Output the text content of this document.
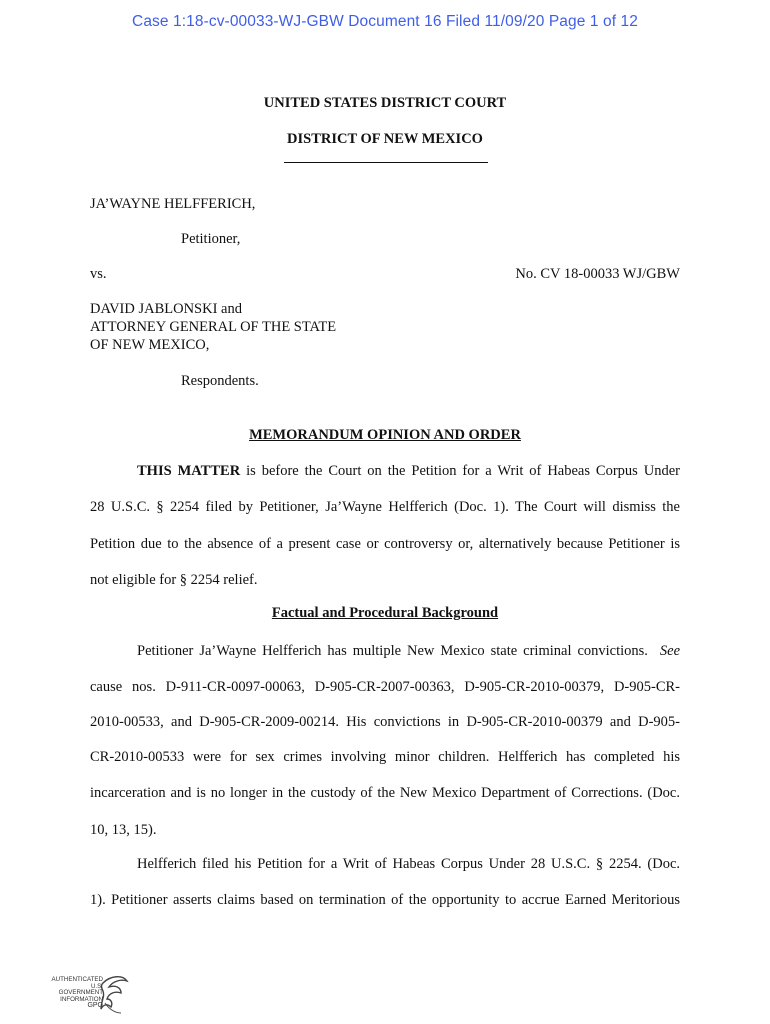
Case 1:18-cv-00033-WJ-GBW Document 16 Filed 11/09/20 Page 1 of 12
UNITED STATES DISTRICT COURT
DISTRICT OF NEW MEXICO
JA’WAYNE HELFFERICH,
Petitioner,
vs.	No. CV 18-00033 WJ/GBW
DAVID JABLONSKI and
ATTORNEY GENERAL OF THE STATE
OF NEW MEXICO,
Respondents.
MEMORANDUM OPINION AND ORDER
THIS MATTER is before the Court on the Petition for a Writ of Habeas Corpus Under
28 U.S.C. § 2254 filed by Petitioner, Ja’Wayne Helfferich (Doc. 1). The Court will dismiss the
Petition due to the absence of a present case or controversy or, alternatively because Petitioner is
not eligible for § 2254 relief.
Factual and Procedural Background
Petitioner Ja’Wayne Helfferich has multiple New Mexico state criminal convictions. See
cause nos. D-911-CR-0097-00063, D-905-CR-2007-00363, D-905-CR-2010-00379, D-905-CR-
2010-00533, and D-905-CR-2009-00214. His convictions in D-905-CR-2010-00379 and D-905-
CR-2010-00533 were for sex crimes involving minor children. Helfferich has completed his
incarceration and is no longer in the custody of the New Mexico Department of Corrections. (Doc.
10, 13, 15).
Helfferich filed his Petition for a Writ of Habeas Corpus Under 28 U.S.C. § 2254. (Doc.
1). Petitioner asserts claims based on termination of the opportunity to accrue Earned Meritorious
AUTHENTICATED
U.S. GOVERNMENT
INFORMATION
GPO
